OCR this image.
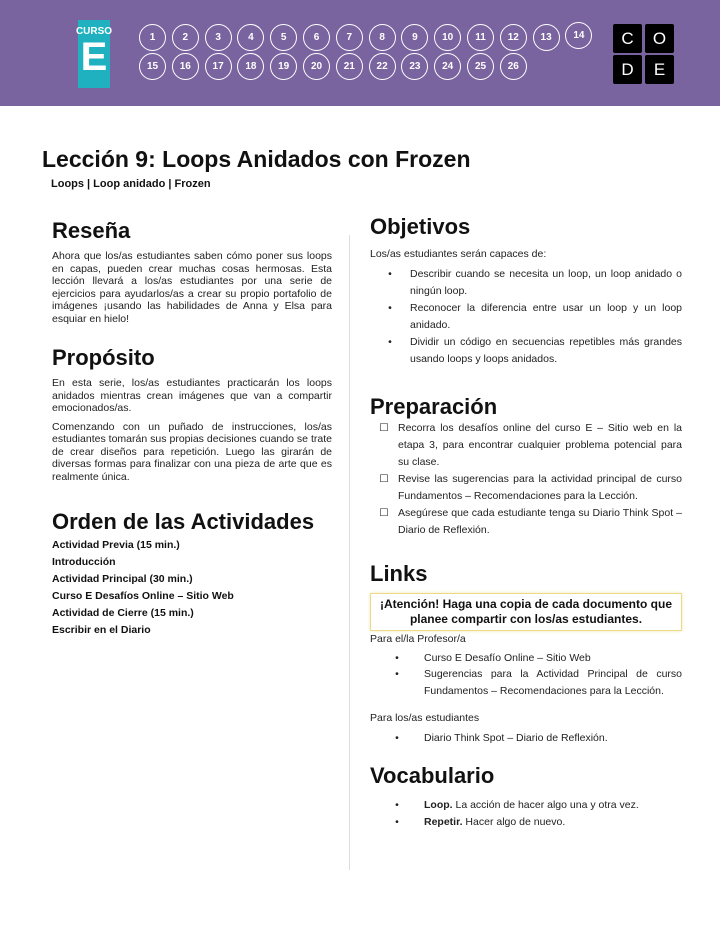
CURSO
E	1	2	3	4	5	6	7	8	9	10	11	12	13	14
15	16	17	18	19	20	21	22	23	24	25	26
C	O
D	E
Lección 9: Loops Anidados con Frozen
Loops | Loop anidado | Frozen
Reseña

Ahora que los/as estudiantes saben cómo poner sus loops en capas, pueden crear muchas cosas hermosas. Esta lección llevará a los/as estudiantes por una serie de ejercicios para ayudarlos/as a crear su propio portafolio de imágenes ¡usando las habilidades de Anna y Elsa para esquiar en hielo!

Propósito

En esta serie, los/as estudiantes practicarán los loops anidados mientras crean imágenes que van a compartir emocionados/as.

Comenzando con un puñado de instrucciones, los/as estudiantes tomarán sus propias decisiones cuando se trate de crear diseños para repetición. Luego las girarán de diversas formas para finalizar con una pieza de arte que es realmente única.

Orden de las Actividades
Actividad Previa (15 min.)
Introducción
Actividad Principal (30 min.)
Curso E Desafíos Online – Sitio Web
Actividad de Cierre (15 min.)
Escribir en el Diario
Objetivos
Los/as estudiantes serán capaces de:
•	Describir cuando se necesita un loop, un loop anidado o ningún loop.
•	Reconocer la diferencia entre usar un loop y un loop anidado.
•	Dividir un código en secuencias repetibles más grandes usando loops y loops anidados.
Preparación
☐ Recorra los desafíos online del curso E – Sitio web en la etapa 3, para encontrar cualquier problema potencial para su clase.
☐ Revise las sugerencias para la actividad principal de curso Fundamentos – Recomendaciones para la Lección.
☐ Asegúrese que cada estudiante tenga su Diario Think Spot – Diario de Reflexión.
Links
¡Atención! Haga una copia de cada documento que planee compartir con los/as estudiantes.
Para el/la Profesor/a
•	Curso E Desafío Online – Sitio Web
•	Sugerencias para la Actividad Principal de curso Fundamentos – Recomendaciones para la Lección.
Para los/as estudiantes
•	Diario Think Spot – Diario de Reflexión.
Vocabulario
•	Loop. La acción de hacer algo una y otra vez.
•	Repetir. Hacer algo de nuevo.
